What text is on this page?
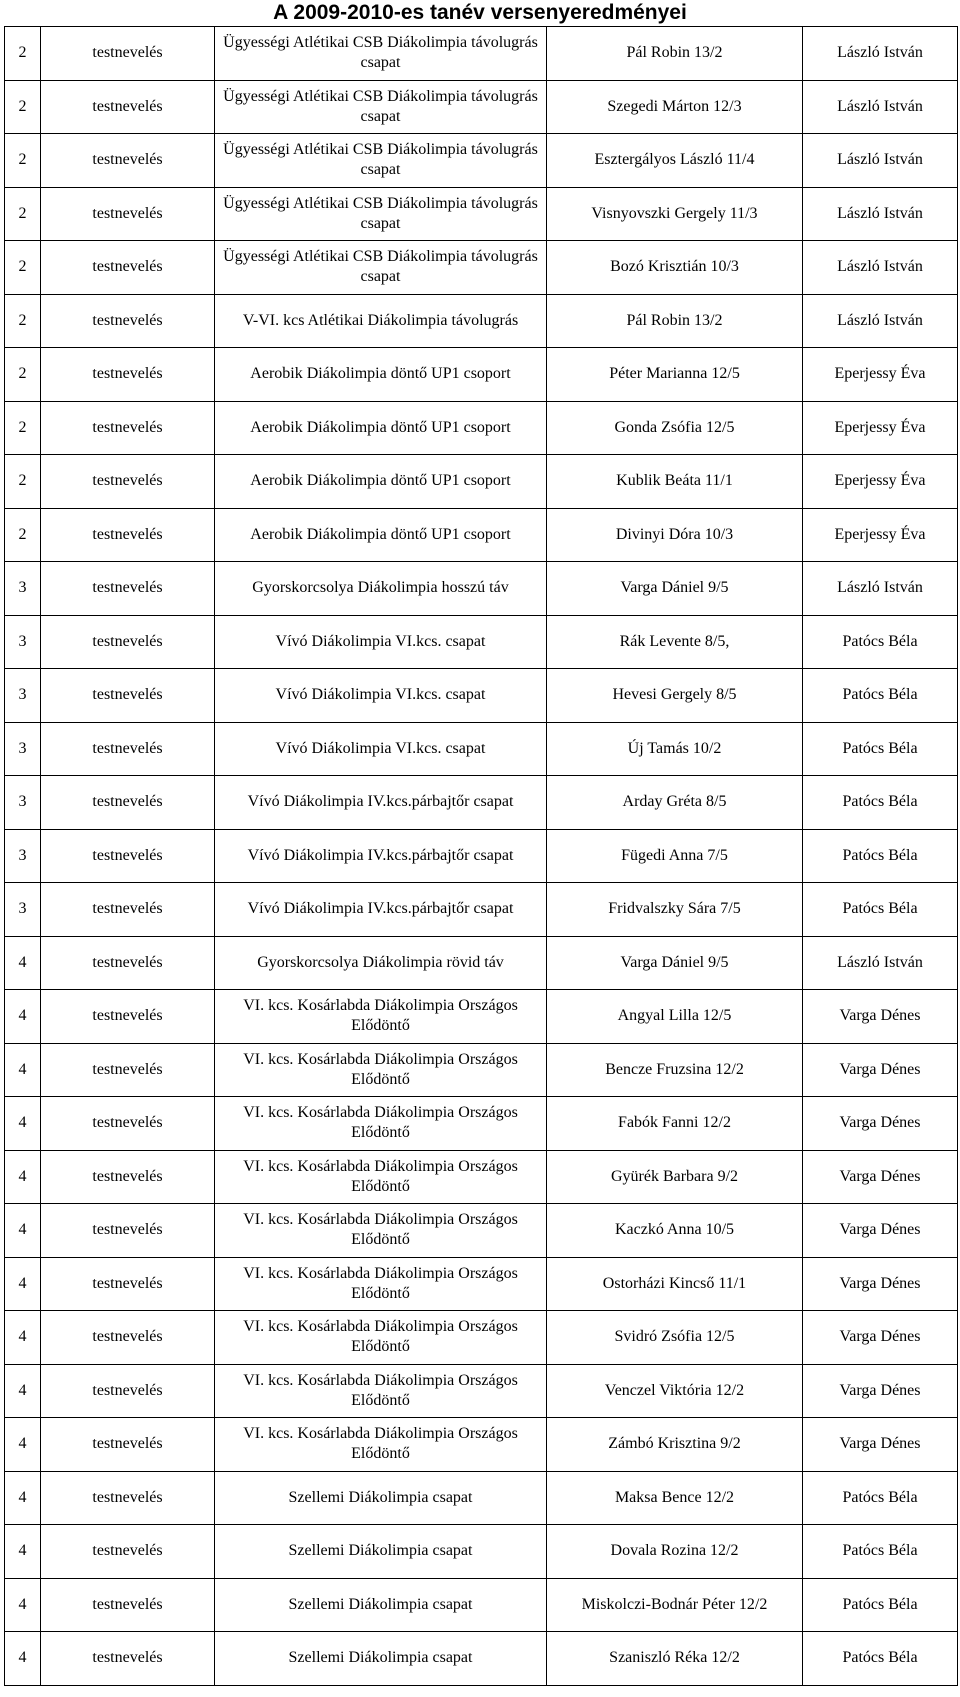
A 2009-2010-es tanév versenyeredményei
2	testnevelés	Ügyességi Atlétikai CSB Diákolimpia távolugrás csapat	Pál Robin 13/2	László István
2	testnevelés	Ügyességi Atlétikai CSB Diákolimpia távolugrás csapat	Szegedi Márton 12/3	László István
2	testnevelés	Ügyességi Atlétikai CSB Diákolimpia távolugrás csapat	Esztergályos László 11/4	László István
2	testnevelés	Ügyességi Atlétikai CSB Diákolimpia távolugrás csapat	Visnyovszki Gergely 11/3	László István
2	testnevelés	Ügyességi Atlétikai CSB Diákolimpia távolugrás csapat	Bozó Krisztián 10/3	László István
2	testnevelés	V-VI. kcs Atlétikai Diákolimpia távolugrás	Pál Robin 13/2	László István
2	testnevelés	Aerobik Diákolimpia döntő UP1 csoport	Péter Marianna 12/5	Eperjessy Éva
2	testnevelés	Aerobik Diákolimpia döntő UP1 csoport	Gonda Zsófia 12/5	Eperjessy Éva
2	testnevelés	Aerobik Diákolimpia döntő UP1 csoport	Kublik Beáta 11/1	Eperjessy Éva
2	testnevelés	Aerobik Diákolimpia döntő UP1 csoport	Divinyi Dóra 10/3	Eperjessy Éva
3	testnevelés	Gyorskorcsolya Diákolimpia hosszú táv	Varga Dániel 9/5	László István
3	testnevelés	Vívó Diákolimpia VI.kcs. csapat	Rák Levente 8/5,	Patócs Béla
3	testnevelés	Vívó Diákolimpia VI.kcs. csapat	Hevesi Gergely 8/5	Patócs Béla
3	testnevelés	Vívó Diákolimpia VI.kcs. csapat	Új Tamás 10/2	Patócs Béla
3	testnevelés	Vívó Diákolimpia IV.kcs.párbajtőr csapat	Arday Gréta 8/5	Patócs Béla
3	testnevelés	Vívó Diákolimpia IV.kcs.párbajtőr csapat	Fügedi Anna 7/5	Patócs Béla
3	testnevelés	Vívó Diákolimpia IV.kcs.párbajtőr csapat	Fridvalszky Sára 7/5	Patócs Béla
4	testnevelés	Gyorskorcsolya Diákolimpia rövid táv	Varga Dániel 9/5	László István
4	testnevelés	VI. kcs. Kosárlabda Diákolimpia Országos Elődöntő	Angyal Lilla 12/5	Varga Dénes
4	testnevelés	VI. kcs. Kosárlabda Diákolimpia Országos Elődöntő	Bencze Fruzsina 12/2	Varga Dénes
4	testnevelés	VI. kcs. Kosárlabda Diákolimpia Országos Elődöntő	Fabók Fanni 12/2	Varga Dénes
4	testnevelés	VI. kcs. Kosárlabda Diákolimpia Országos Elődöntő	Gyürék Barbara 9/2	Varga Dénes
4	testnevelés	VI. kcs. Kosárlabda Diákolimpia Országos Elődöntő	Kaczkó Anna 10/5	Varga Dénes
4	testnevelés	VI. kcs. Kosárlabda Diákolimpia Országos Elődöntő	Ostorházi Kincső 11/1	Varga Dénes
4	testnevelés	VI. kcs. Kosárlabda Diákolimpia Országos Elődöntő	Svidró Zsófia 12/5	Varga Dénes
4	testnevelés	VI. kcs. Kosárlabda Diákolimpia Országos Elődöntő	Venczel Viktória 12/2	Varga Dénes
4	testnevelés	VI. kcs. Kosárlabda Diákolimpia Országos Elődöntő	Zámbó Krisztina 9/2	Varga Dénes
4	testnevelés	Szellemi Diákolimpia csapat	Maksa Bence 12/2	Patócs Béla
4	testnevelés	Szellemi Diákolimpia csapat	Dovala Rozina 12/2	Patócs Béla
4	testnevelés	Szellemi Diákolimpia csapat	Miskolczi-Bodnár Péter 12/2	Patócs Béla
4	testnevelés	Szellemi Diákolimpia csapat	Szaniszló Réka 12/2	Patócs Béla
